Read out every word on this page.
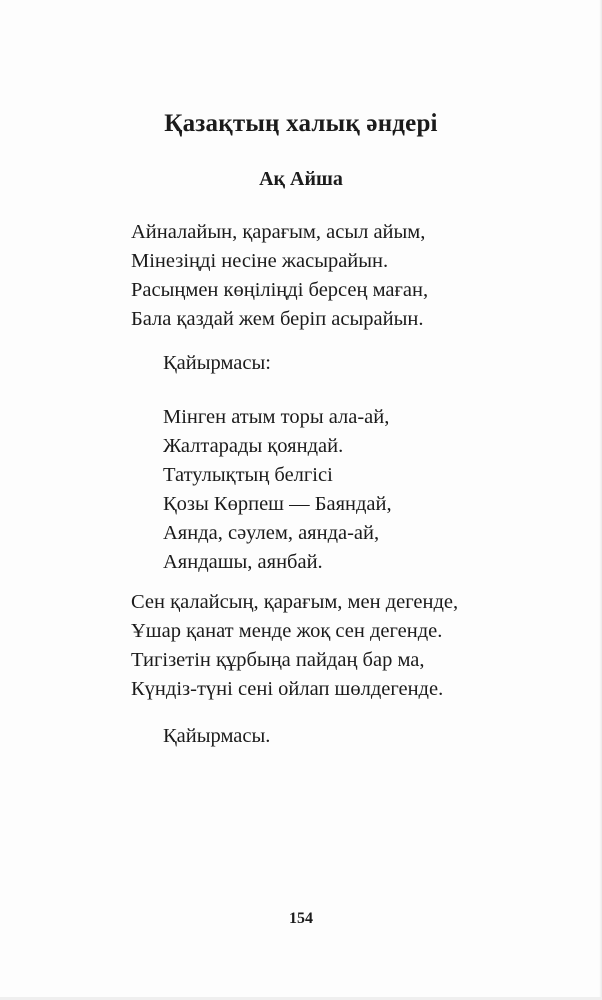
Қазақтың халық әндері
Ақ Айша
Айналайын, қарағым, асыл айым,
Мінезіңді несіне жасырайын.
Расыңмен көңіліңді берсең маған,
Бала қаздай жем беріп асырайын.

Қайырмасы:

Мінген атым торы ала-ай,
Жалтарады қояндай.
Татулықтың белгісі
Қозы Көрпеш — Баяндай,
Аянда, сәулем, аянда-ай,
Аяндашы, аянбай.
Сен қалайсың, қарағым, мен дегенде,
Ұшар қанат менде жоқ сен дегенде.
Тигізетін құрбыңа пайдаң бар ма,
Күндіз-түні сені ойлап шөлдегенде.

Қайырмасы.

154
